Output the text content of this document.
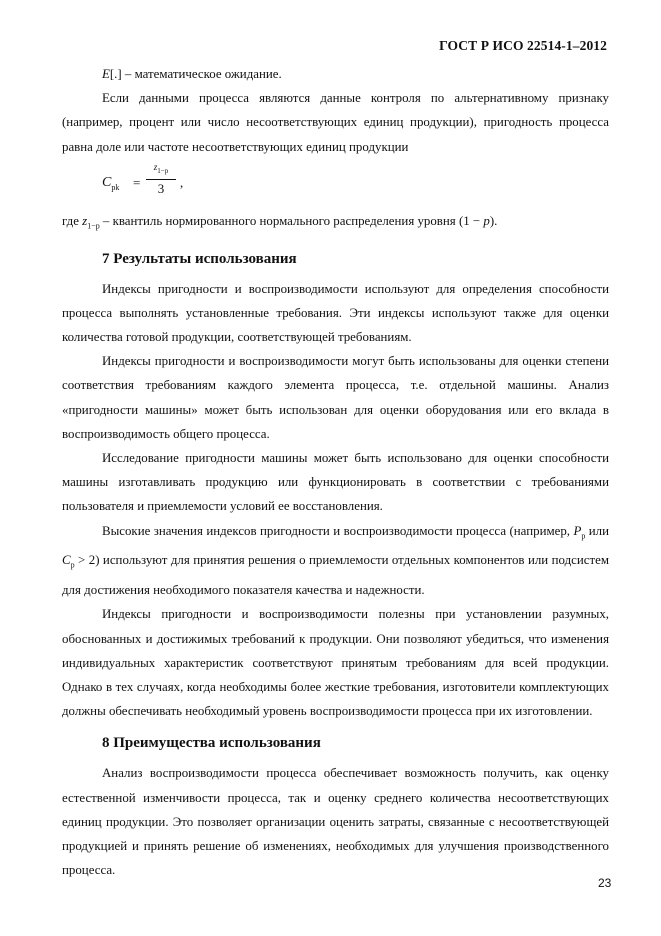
ГОСТ Р ИСО 22514-1–2012

E[.] – математическое ожидание.

Если данными процесса являются данные контроля по альтернативному признаку (например, процент или число несоответствующих единиц продукции), пригодность процесса равна доле или частоте несоответствующих единиц продукции

$C_{pk}$ =
$z_{1-p}$
3	,

где $z_{1-p}$ – квантиль нормированного нормального распределения уровня (1 − p).

7 Результаты использования

Индексы пригодности и воспроизводимости используют для определения способности процесса выполнять установленные требования. Эти индексы используют также для оценки количества готовой продукции, соответствующей требованиям.

Индексы пригодности и воспроизводимости могут быть использованы для оценки степени соответствия требованиям каждого элемента процесса, т.е. отдельной машины. Анализ «пригодности машины» может быть использован для оценки оборудования или его вклада в воспроизводимость общего процесса.

Исследование пригодности машины может быть использовано для оценки способности машины изготавливать продукцию или функционировать в соответствии с требованиями пользователя и приемлемости условий ее восстановления.

Высокие значения индексов пригодности и воспроизводимости процесса (например, $P_p$ или $C_p > 2$) используют для принятия решения о приемлемости отдельных компонентов или подсистем для достижения необходимого показателя качества и надежности.

Индексы пригодности и воспроизводимости полезны при установлении разумных, обоснованных и достижимых требований к продукции. Они позволяют убедиться, что изменения индивидуальных характеристик соответствуют принятым требованиям для всей продукции. Однако в тех случаях, когда необходимы более жесткие требования, изготовители комплектующих должны обеспечивать необходимый уровень воспроизводимости процесса при их изготовлении.

8 Преимущества использования

Анализ воспроизводимости процесса обеспечивает возможность получить, как оценку естественной изменчивости процесса, так и оценку среднего количества несоответствующих единиц продукции. Это позволяет организации оценить затраты, связанные с несоответствующей продукцией и принять решение об изменениях, необходимых для улучшения производственного процесса.

23
